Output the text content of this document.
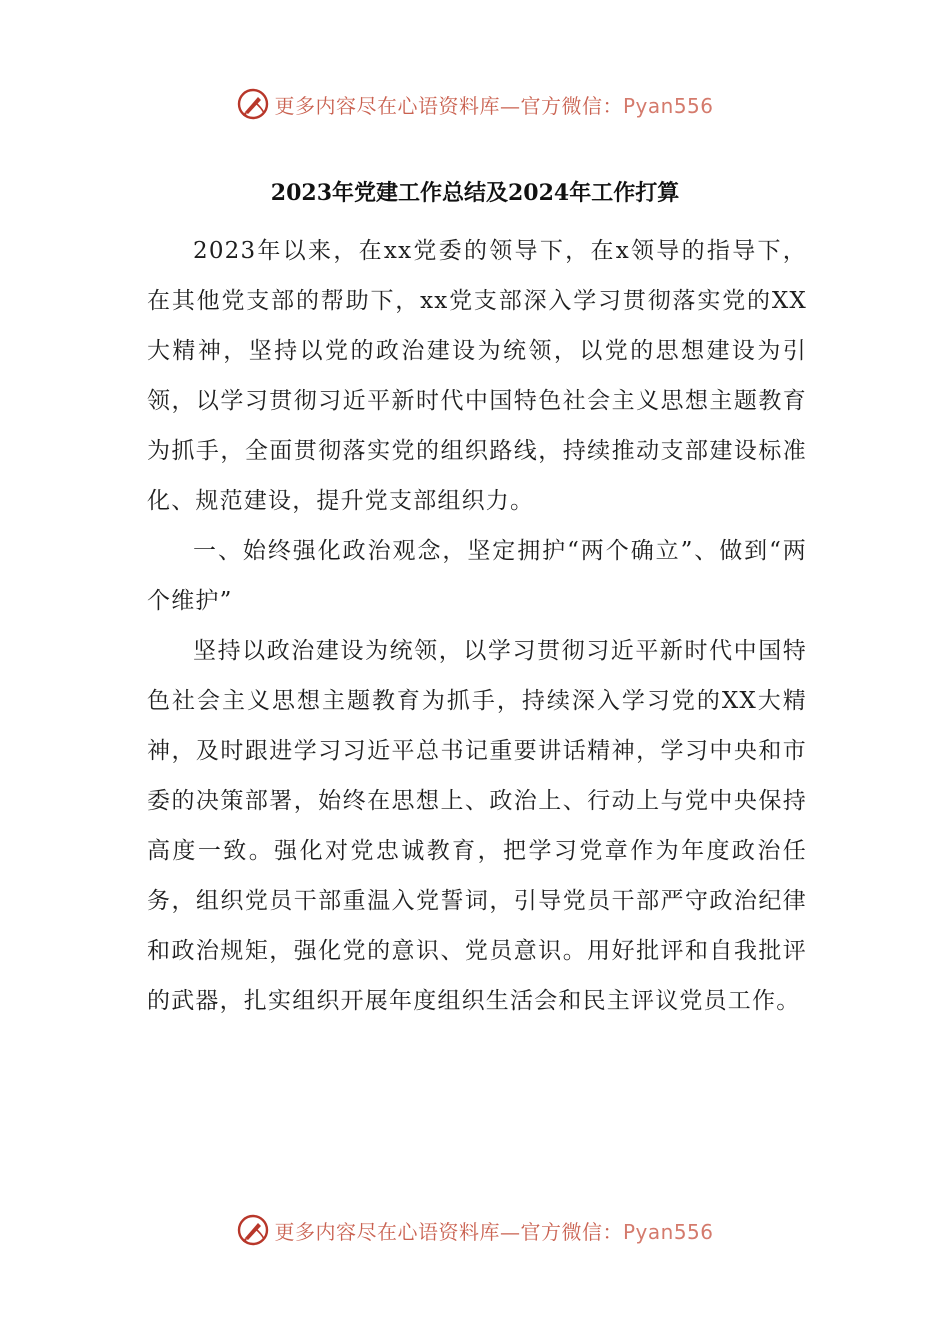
更多内容尽在心语资料库—官方微信：Pyan556
2023年党建工作总结及2024年工作打算

2023年以来，在xx党委的领导下，在x领导的指导下，在其他党支部的帮助下，xx党支部深入学习贯彻落实党的XX大精神，坚持以党的政治建设为统领，以党的思想建设为引领，以学习贯彻习近平新时代中国特色社会主义思想主题教育为抓手，全面贯彻落实党的组织路线，持续推动支部建设标准化、规范建设，提升党支部组织力。

一、始终强化政治观念，坚定拥护“两个确立”、做到“两个维护”

坚持以政治建设为统领，以学习贯彻习近平新时代中国特色社会主义思想主题教育为抓手，持续深入学习党的XX大精神，及时跟进学习习近平总书记重要讲话精神，学习中央和市委的决策部署，始终在思想上、政治上、行动上与党中央保持高度一致。强化对党忠诚教育，把学习党章作为年度政治任务，组织党员干部重温入党誓词，引导党员干部严守政治纪律和政治规矩，强化党的意识、党员意识。用好批评和自我批评的武器，扎实组织开展年度组织生活会和民主评议党员工作。

更多内容尽在心语资料库—官方微信：Pyan556
